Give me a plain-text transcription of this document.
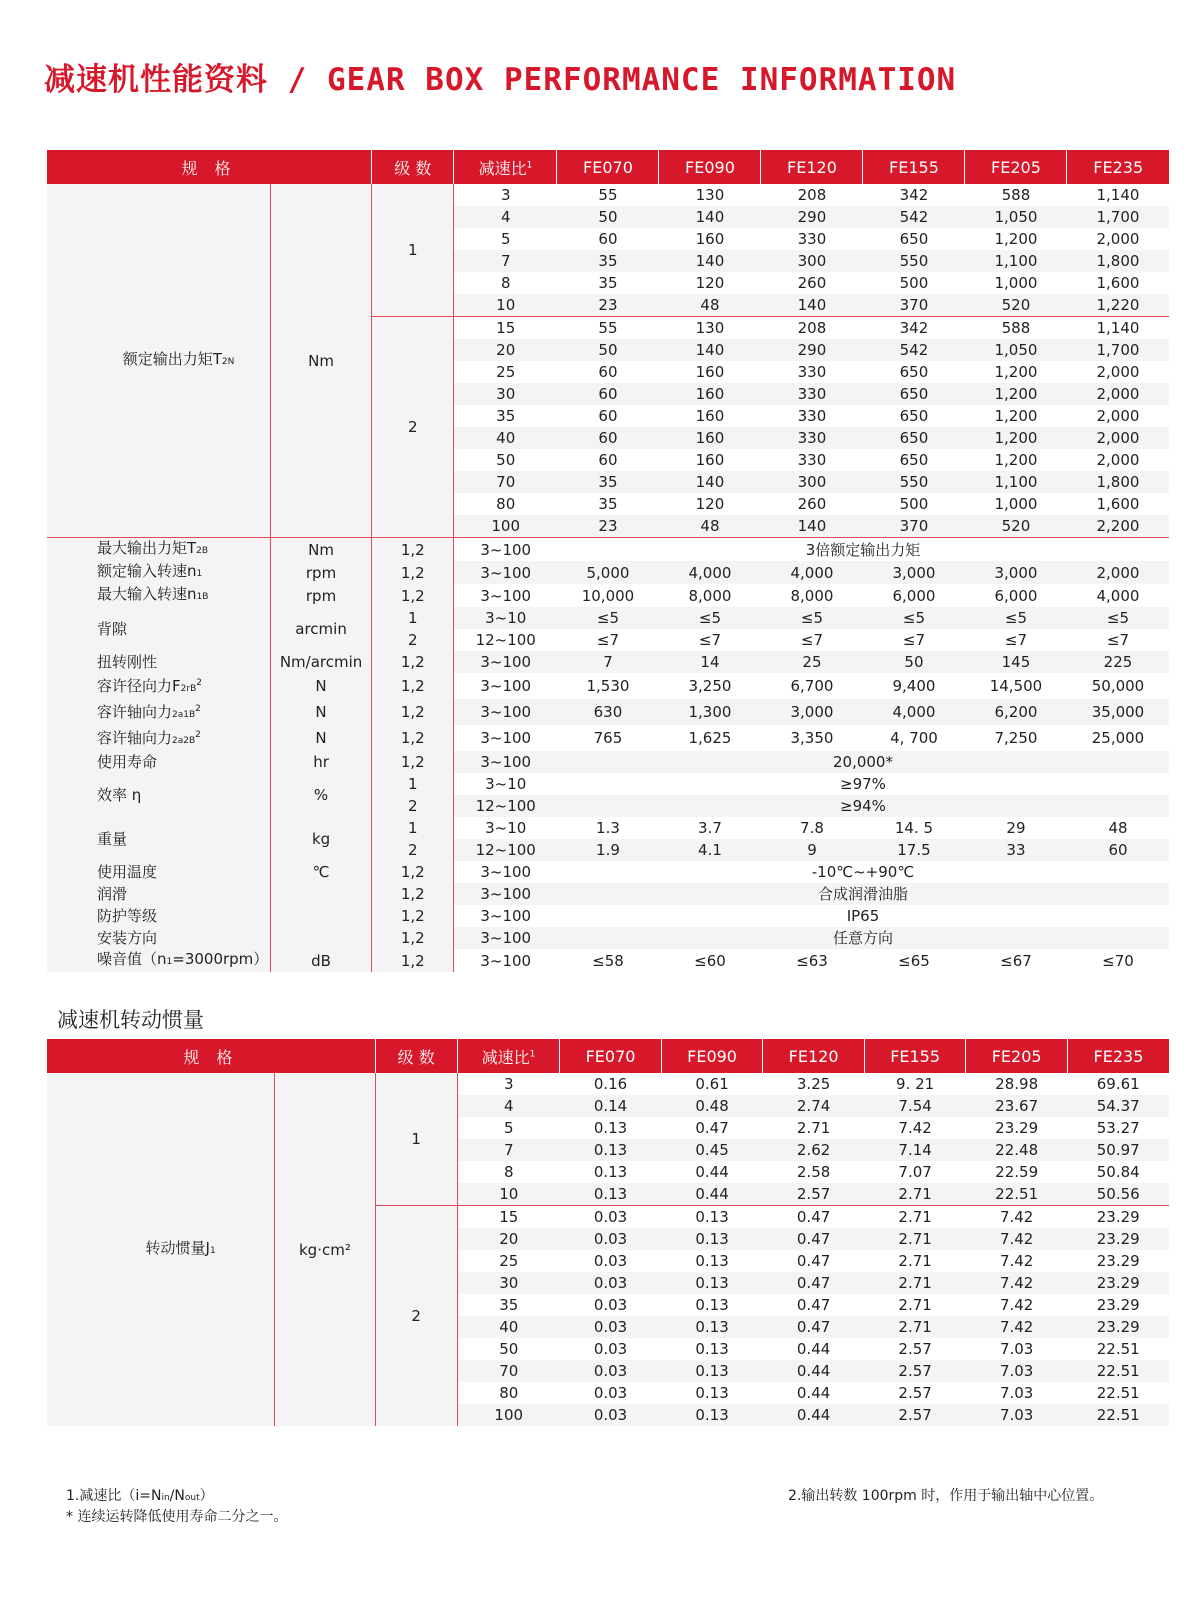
减速机性能资料 / GEAR BOX PERFORMANCE INFORMATION
规 格		级 数	减速比$^1$	FE070	FE090	FE120	FE155	FE205	FE235
额定输出力矩T2N	Nm	1	3	55	130	208	342	588	1,140
			4	50	140	290	542	1,050	1,700
			5	60	160	330	650	1,200	2,000
			7	35	140	300	550	1,100	1,800
			8	35	120	260	500	1,000	1,600
			10	23	48	140	370	520	1,220
		2	15	55	130	208	342	588	1,140
			20	50	140	290	542	1,050	1,700
			25	60	160	330	650	1,200	2,000
			30	60	160	330	650	1,200	2,000
			35	60	160	330	650	1,200	2,000
			40	60	160	330	650	1,200	2,000
			50	60	160	330	650	1,200	2,000
			70	35	140	300	550	1,100	1,800
			80	35	120	260	500	1,000	1,600
			100	23	48	140	370	520	2,200
最大输出力矩T2B	Nm	1,2	3~100	3倍额定输出力矩					
额定输入转速n1	rpm	1,2	3~100	5,000	4,000	4,000	3,000	3,000	2,000
最大输入转速n1B	rpm	1,2	3~100	10,000	8,000	8,000	6,000	6,000	4,000
背隙	arcmin	1	3~10	≤5	≤5	≤5	≤5	≤5	≤5
		2	12~100	≤7	≤7	≤7	≤7	≤7	≤7
扭转刚性	Nm/arcmin	1,2	3~100	7	14	25	50	145	225
容许径向力$F2rB^2$	N	1,2	3~100	1,530	3,250	6,700	9,400	14,500	50,000
容许轴向力$2a1B^2$	N	1,2	3~100	630	1,300	3,000	4,000	6,200	35,000
容许轴向力$2a2B^2$	N	1,2	3~100	765	1,625	3,350	4, 700	7,250	25,000
使用寿命	hr	1,2	3~100	20,000*					
效率 η	%	1	3~10	≥97%					
		2	12~100	≥94%					
重量	kg	1	3~10	1.3	3.7	7.8	14. 5	29	48
		2	12~100	1.9	4.1	9	17.5	33	60
使用温度	℃	1,2	3~100	-10℃~+90℃					
润滑		1,2	3~100	合成润滑油脂					
防护等级		1,2	3~100	IP65					
安装方向		1,2	3~100	任意方向					
噪音值（n1=3000rpm）	dB	1,2	3~100	≤58	≤60	≤63	≤65	≤67	≤70
减速机转动惯量
规 格		级 数	减速比$^1$	FE070	FE090	FE120	FE155	FE205	FE235
转动惯量J1	kg·cm²	1	3	0.16	0.61	3.25	9. 21	28.98	69.61
			4	0.14	0.48	2.74	7.54	23.67	54.37
			5	0.13	0.47	2.71	7.42	23.29	53.27
			7	0.13	0.45	2.62	7.14	22.48	50.97
			8	0.13	0.44	2.58	7.07	22.59	50.84
			10	0.13	0.44	2.57	2.71	22.51	50.56
		2	15	0.03	0.13	0.47	2.71	7.42	23.29
			20	0.03	0.13	0.47	2.71	7.42	23.29
			25	0.03	0.13	0.47	2.71	7.42	23.29
			30	0.03	0.13	0.47	2.71	7.42	23.29
			35	0.03	0.13	0.47	2.71	7.42	23.29
			40	0.03	0.13	0.47	2.71	7.42	23.29
			50	0.03	0.13	0.44	2.57	7.03	22.51
			70	0.03	0.13	0.44	2.57	7.03	22.51
			80	0.03	0.13	0.44	2.57	7.03	22.51
			100	0.03	0.13	0.44	2.57	7.03	22.51
1.减速比（i=Nin/Nout）
* 连续运转降低使用寿命二分之一。
2.输出转数 100rpm 时，作用于输出轴中心位置。
